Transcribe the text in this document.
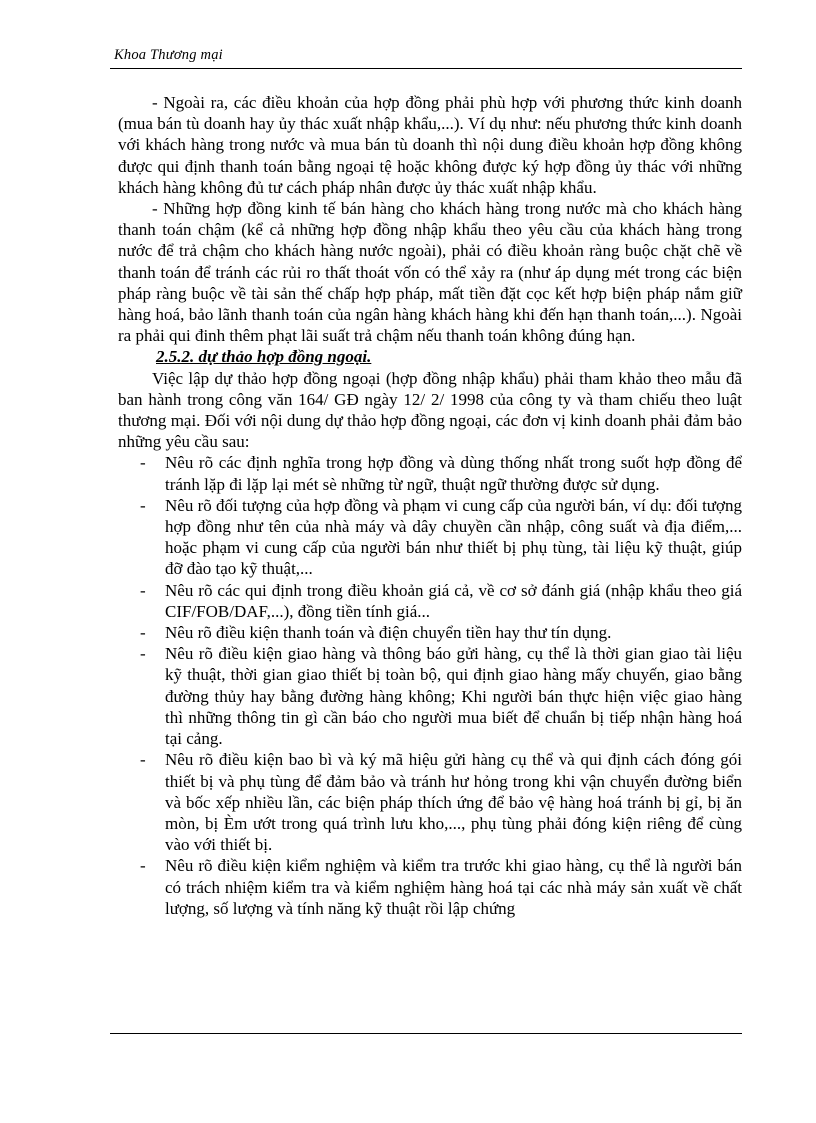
Khoa Thương mại

- Ngoài ra, các điều khoản của hợp đồng phải phù hợp với phương thức kinh doanh (mua bán tù doanh hay ủy thác xuất nhập khẩu,...). Ví dụ như: nếu phương thức kinh doanh với khách hàng trong nước và mua bán tù doanh thì nội dung điều khoản hợp đồng không được qui định thanh toán bằng ngoại tệ hoặc không được ký hợp đồng ủy thác với những khách hàng không đủ tư cách pháp nhân được ủy thác xuất nhập khẩu.

- Những hợp đồng kinh tế bán hàng cho khách hàng trong nước mà cho khách hàng thanh toán chậm (kể cả những hợp đồng nhập khẩu theo yêu cầu của khách hàng trong nước để trả chậm cho khách hàng nước ngoài), phải có điều khoản ràng buộc chặt chẽ về thanh toán để tránh các rủi ro thất thoát vốn có thể xảy ra (như áp dụng mét trong các biện pháp ràng buộc về tài sản thế chấp hợp pháp, mất tiền đặt cọc kết hợp biện pháp nắm giữ hàng hoá, bảo lãnh thanh toán của ngân hàng khách hàng khi đến hạn thanh toán,...). Ngoài ra phải qui đinh thêm phạt lãi suất trả chậm nếu thanh toán không đúng hạn.

2.5.2. dự thảo hợp đồng ngoại.

Việc lập dự thảo hợp đồng ngoại (hợp đồng nhập khẩu) phải tham khảo theo mẫu đã ban hành trong công văn 164/ GĐ ngày 12/ 2/ 1998 của công ty và tham chiếu theo luật thương mại. Đối với nội dung dự thảo hợp đồng ngoại, các đơn vị kinh doanh phải đảm bảo những yêu cầu sau:

- Nêu rõ các định nghĩa trong hợp đồng và dùng thống nhất trong suốt hợp đồng để tránh lặp đi lặp lại mét sè những từ ngữ, thuật ngữ thường được sử dụng.
- Nêu rõ đối tượng của hợp đồng và phạm vi cung cấp của người bán, ví dụ: đối tượng hợp đồng như tên của nhà máy và dây chuyền cần nhập, công suất và địa điểm,... hoặc phạm vi cung cấp của người bán như thiết bị phụ tùng, tài liệu kỹ thuật, giúp đỡ đào tạo kỹ thuật,...
- Nêu rõ các qui định trong điều khoản giá cả, về cơ sở đánh giá (nhập khẩu theo giá CIF/FOB/DAF,...), đồng tiền tính giá...
- Nêu rõ điều kiện thanh toán và điện chuyển tiền hay thư tín dụng.
- Nêu rõ điều kiện giao hàng và thông báo gửi hàng, cụ thể là thời gian giao tài liệu kỹ thuật, thời gian giao thiết bị toàn bộ, qui định giao hàng mấy chuyến, giao bằng đường thủy hay bằng đường hàng không; Khi người bán thực hiện việc giao hàng thì những thông tin gì cần báo cho người mua biết để chuẩn bị tiếp nhận hàng hoá tại cảng.
- Nêu rõ điều kiện bao bì và ký mã hiệu gửi hàng cụ thể và qui định cách đóng gói thiết bị và phụ tùng để đảm bảo và tránh hư hỏng trong khi vận chuyển đường biển và bốc xếp nhiều lần, các biện pháp thích ứng để bảo vệ hàng hoá tránh bị gỉ, bị ăn mòn, bị Èm ướt trong quá trình lưu kho,..., phụ tùng phải đóng kiện riêng để cùng vào với thiết bị.
- Nêu rõ điều kiện kiểm nghiệm và kiểm tra trước khi giao hàng, cụ thể là người bán có trách nhiệm kiểm tra và kiểm nghiệm hàng hoá tại các nhà máy sản xuất về chất lượng, số lượng và tính năng kỹ thuật rồi lập chứng
